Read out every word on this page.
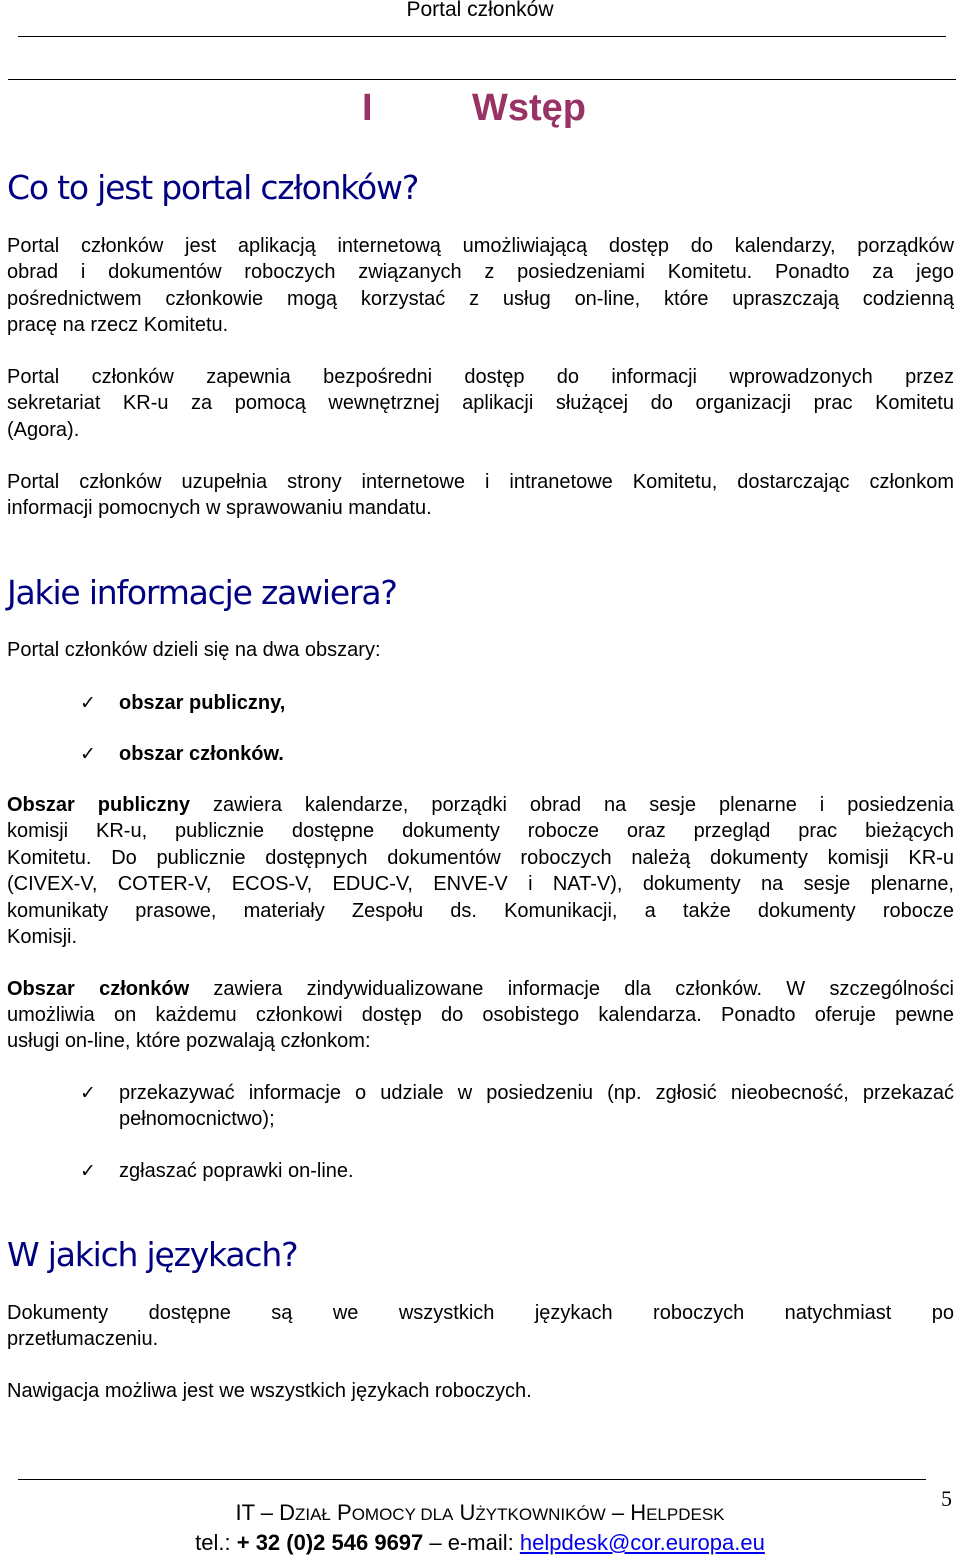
Portal członków
I	Wstęp
Co to jest portal członków?
Portal członków jest aplikacją internetową umożliwiającą dostęp do kalendarzy, porządków
obrad i dokumentów roboczych związanych z posiedzeniami Komitetu. Ponadto za jego
pośrednictwem członkowie mogą korzystać z usług on-line, które upraszczają codzienną
pracę na rzecz Komitetu.
Portal członków zapewnia bezpośredni dostęp do informacji wprowadzonych przez
sekretariat KR-u za pomocą wewnętrznej aplikacji służącej do organizacji prac Komitetu
(Agora).
Portal członków uzupełnia strony internetowe i intranetowe Komitetu, dostarczając członkom
informacji pomocnych w sprawowaniu mandatu.
Jakie informacje zawiera?
Portal członków dzieli się na dwa obszary:
✓ obszar publiczny,
✓ obszar członków.
Obszar publiczny zawiera kalendarze, porządki obrad na sesje plenarne i posiedzenia
komisji KR-u, publicznie dostępne dokumenty robocze oraz przegląd prac bieżących
Komitetu. Do publicznie dostępnych dokumentów roboczych należą dokumenty komisji KR-u
(CIVEX-V, COTER-V, ECOS-V, EDUC-V, ENVE-V i NAT-V), dokumenty na sesje plenarne,
komunikaty prasowe, materiały Zespołu ds. Komunikacji, a także dokumenty robocze
Komisji.
Obszar członków zawiera zindywidualizowane informacje dla członków. W szczególności
umożliwia on każdemu członkowi dostęp do osobistego kalendarza. Ponadto oferuje pewne
usługi on-line, które pozwalają członkom:
✓ przekazywać informacje o udziale w posiedzeniu (np. zgłosić nieobecność, przekazać pełnomocnictwo);
✓ zgłaszać poprawki on-line.
W jakich językach?
Dokumenty dostępne są we wszystkich językach roboczych natychmiast po
przetłumaczeniu.
Nawigacja możliwa jest we wszystkich językach roboczych.
5
IT – DZIAŁ POMOCY DLA UŻYTKOWNIKÓW – HELPDESK
tel.: + 32 (0)2 546 9697 – e-mail: helpdesk@cor.europa.eu
